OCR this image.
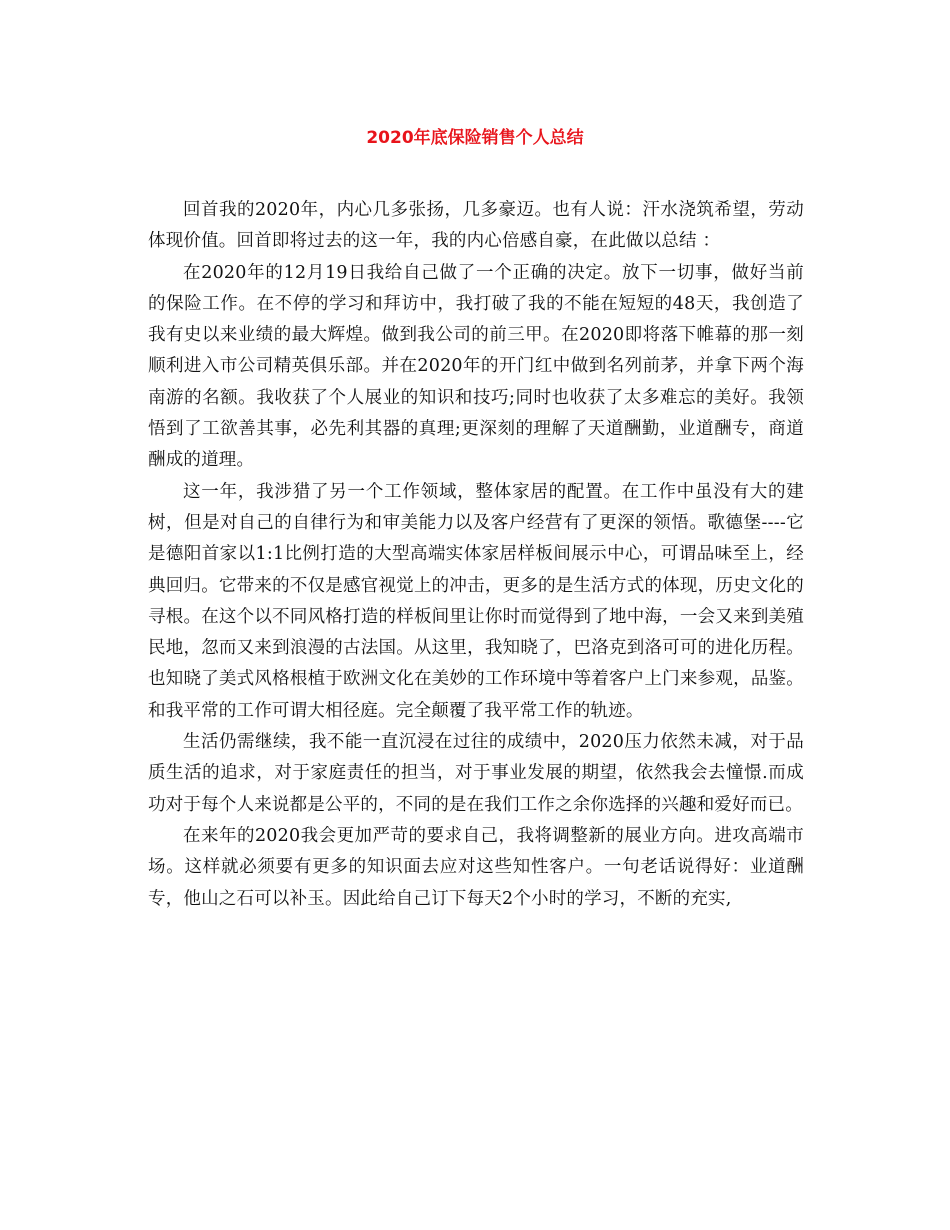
2020年底保险销售个人总结

回首我的2020年，内心几多张扬，几多豪迈。也有人说：汗水浇筑希望，劳动体现价值。回首即将过去的这一年，我的内心倍感自豪，在此做以总结 ：

在2020年的12月19日我给自己做了一个正确的决定。放下一切事，做好当前的保险工作。在不停的学习和拜访中，我打破了我的不能在短短的48天，我创造了我有史以来业绩的最大辉煌。做到我公司的前三甲。在2020即将落下帷幕的那一刻顺利进入市公司精英俱乐部。并在2020年的开门红中做到名列前茅，并拿下两个海南游的名额。我收获了个人展业的知识和技巧;同时也收获了太多难忘的美好。我领悟到了工欲善其事，必先利其器的真理;更深刻的理解了天道酬勤，业道酬专，商道酬成的道理。

这一年，我涉猎了另一个工作领域，整体家居的配置。在工作中虽没有大的建树，但是对自己的自律行为和审美能力以及客户经营有了更深的领悟。歌德堡----它是德阳首家以1:1比例打造的大型高端实体家居样板间展示中心，可谓品味至上，经典回归。它带来的不仅是感官视觉上的冲击，更多的是生活方式的体现，历史文化的寻根。在这个以不同风格打造的样板间里让你时而觉得到了地中海，一会又来到美殖民地，忽而又来到浪漫的古法国。从这里，我知晓了，巴洛克到洛可可的进化历程。也知晓了美式风格根植于欧洲文化在美妙的工作环境中等着客户上门来参观，品鉴。和我平常的工作可谓大相径庭。完全颠覆了我平常工作的轨迹。

生活仍需继续，我不能一直沉浸在过往的成绩中，2020压力依然未减，对于品质生活的追求，对于家庭责任的担当，对于事业发展的期望，依然我会去憧憬.而成功对于每个人来说都是公平的，不同的是在我们工作之余你选择的兴趣和爱好而已。

在来年的2020我会更加严苛的要求自己，我将调整新的展业方向。进攻高端市场。这样就必须要有更多的知识面去应对这些知性客户。一句老话说得好：业道酬专，他山之石可以补玉。因此给自己订下每天2个小时的学习，不断的充实,
